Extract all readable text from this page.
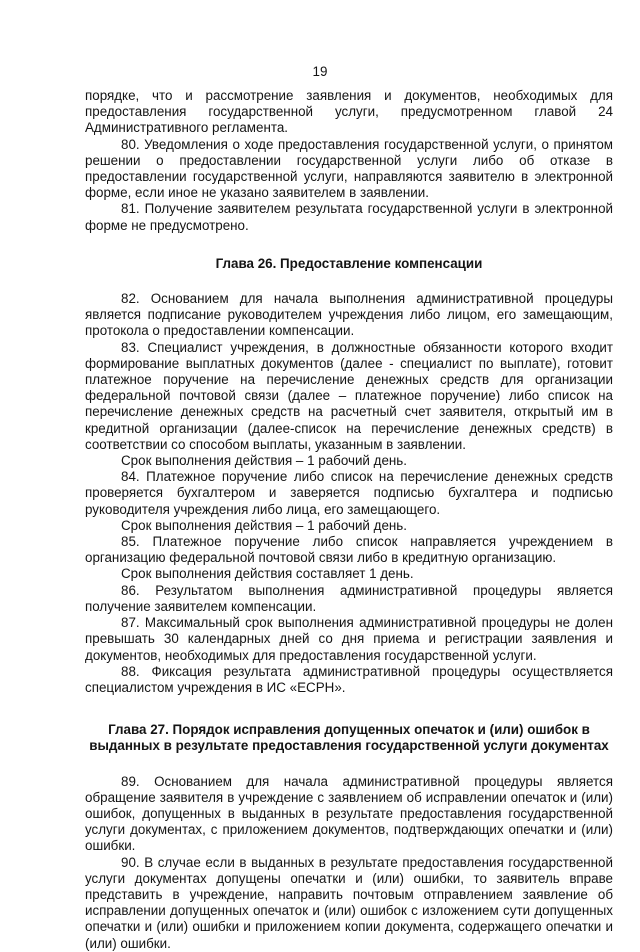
19

порядке, что и рассмотрение заявления и документов, необходимых для предоставления государственной услуги, предусмотренном главой 24 Административного регламента.

80. Уведомления о ходе предоставления государственной услуги, о принятом решении о предоставлении государственной услуги либо об отказе в предоставлении государственной услуги, направляются заявителю в электронной форме, если иное не указано заявителем в заявлении.

81. Получение заявителем результата государственной услуги в электронной форме не предусмотрено.

Глава 26. Предоставление компенсации

82. Основанием для начала выполнения административной процедуры является подписание руководителем учреждения либо лицом, его замещающим, протокола о предоставлении компенсации.

83. Специалист учреждения, в должностные обязанности которого входит формирование выплатных документов (далее - специалист по выплате), готовит платежное поручение на перечисление денежных средств для организации федеральной почтовой связи (далее – платежное поручение) либо список на перечисление денежных средств на расчетный счет заявителя, открытый им в кредитной организации (далее-список на перечисление денежных средств) в соответствии со способом выплаты, указанным в заявлении.

Срок выполнения действия – 1 рабочий день.

84. Платежное поручение либо список на перечисление денежных средств проверяется бухгалтером и заверяется подписью бухгалтера и подписью руководителя учреждения либо лица, его замещающего.

Срок выполнения действия – 1 рабочий день.

85. Платежное поручение либо список направляется учреждением в организацию федеральной почтовой связи либо в кредитную организацию.

Срок выполнения действия составляет 1 день.

86. Результатом выполнения административной процедуры является получение заявителем компенсации.

87. Максимальный срок выполнения административной процедуры не долен превышать 30 календарных дней со дня приема и регистрации заявления и документов, необходимых для предоставления государственной услуги.

88. Фиксация результата административной процедуры осуществляется специалистом учреждения в ИС «ЕСРН».

Глава 27. Порядок исправления допущенных опечаток и (или) ошибок в выданных в результате предоставления государственной услуги документах

89. Основанием для начала административной процедуры является обращение заявителя в учреждение с заявлением об исправлении опечаток и (или) ошибок, допущенных в выданных в результате предоставления государственной услуги документах, с приложением документов, подтверждающих опечатки и (или) ошибки.

90. В случае если в выданных в результате предоставления государственной услуги документах допущены опечатки и (или) ошибки, то заявитель вправе представить в учреждение, направить почтовым отправлением заявление об исправлении допущенных опечаток и (или) ошибок с изложением сути допущенных опечатки и (или) ошибки и приложением копии документа, содержащего опечатки и (или) ошибки.
